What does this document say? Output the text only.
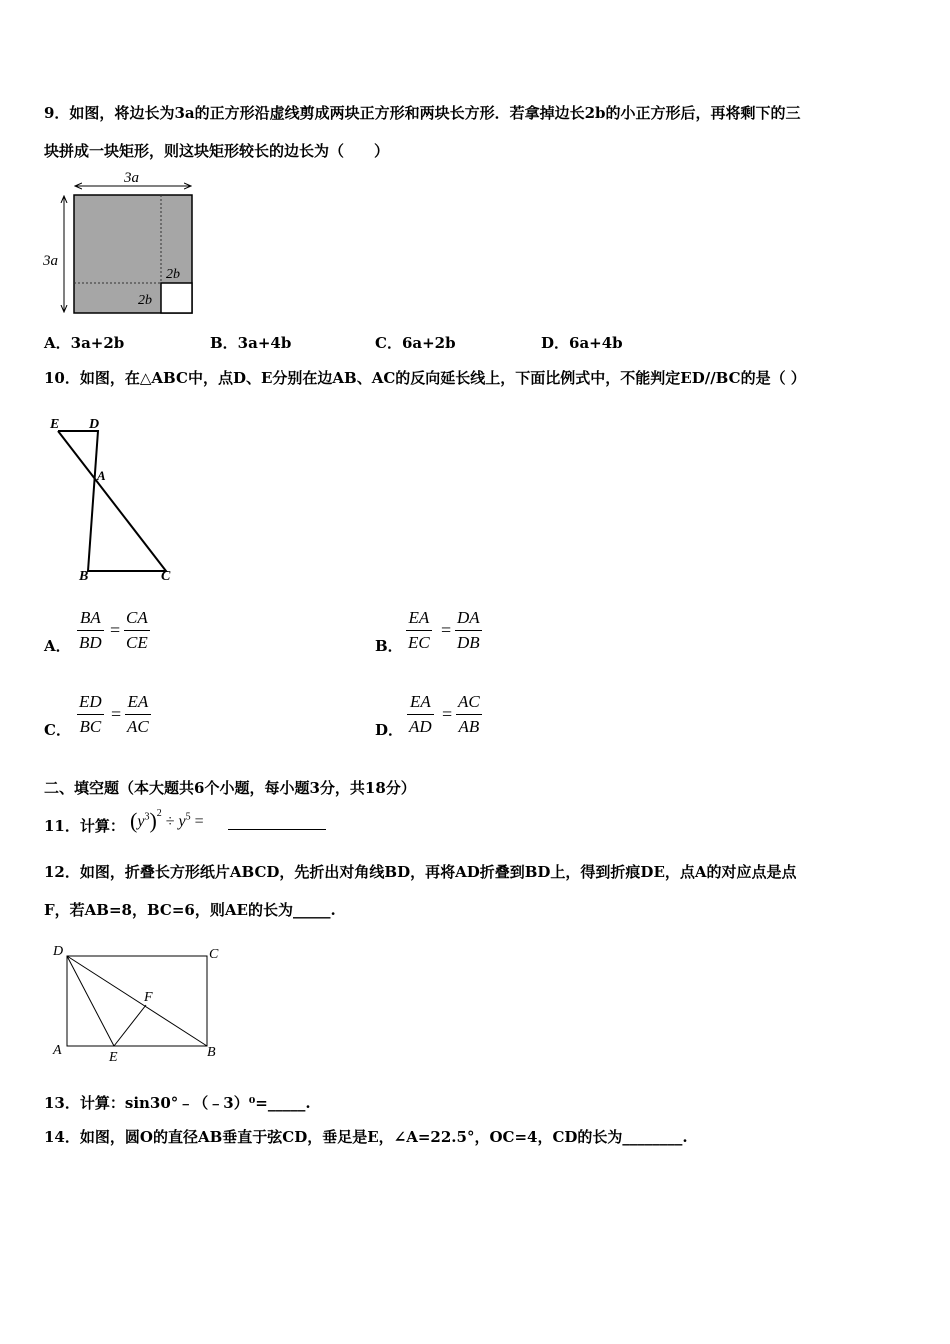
9．如图，将边长为3a的正方形沿虚线剪成两块正方形和两块长方形．若拿掉边长2b的小正方形后，再将剩下的三
块拼成一块矩形，则这块矩形较长的边长为（　　）
3a
3a
2b
2b
A．3a+2b	B．3a+4b	C．6a+2b	D．6a+4b
10．如图，在△ABC中，点D、E分别在边AB、AC的反向延长线上，下面比例式中，不能判定ED//BC的是（ ）
E D
A
B	C
A． $\frac{BA}{BD} = \frac{CA}{CE}$	B． $\frac{EA}{EC} = \frac{DA}{DB}$
C． $\frac{ED}{BC} = \frac{EA}{AC}$	D． $\frac{EA}{AD} = \frac{AC}{AB}$
二、填空题（本大题共6个小题，每小题3分，共18分）
11．计算： $(y^3)^2 \div y^5$ =
12．如图，折叠长方形纸片ABCD，先折出对角线BD，再将AD折叠到BD上，得到折痕DE，点A的对应点是点
F，若AB=8，BC=6，则AE的长为_____.
D	C
F
A	E	B
13．计算：sin30°﹣（﹣3）⁰=_____.
14．如图，圆O的直径AB垂直于弦CD，垂足是E，∠A=22.5°，OC=4，CD的长为________.
